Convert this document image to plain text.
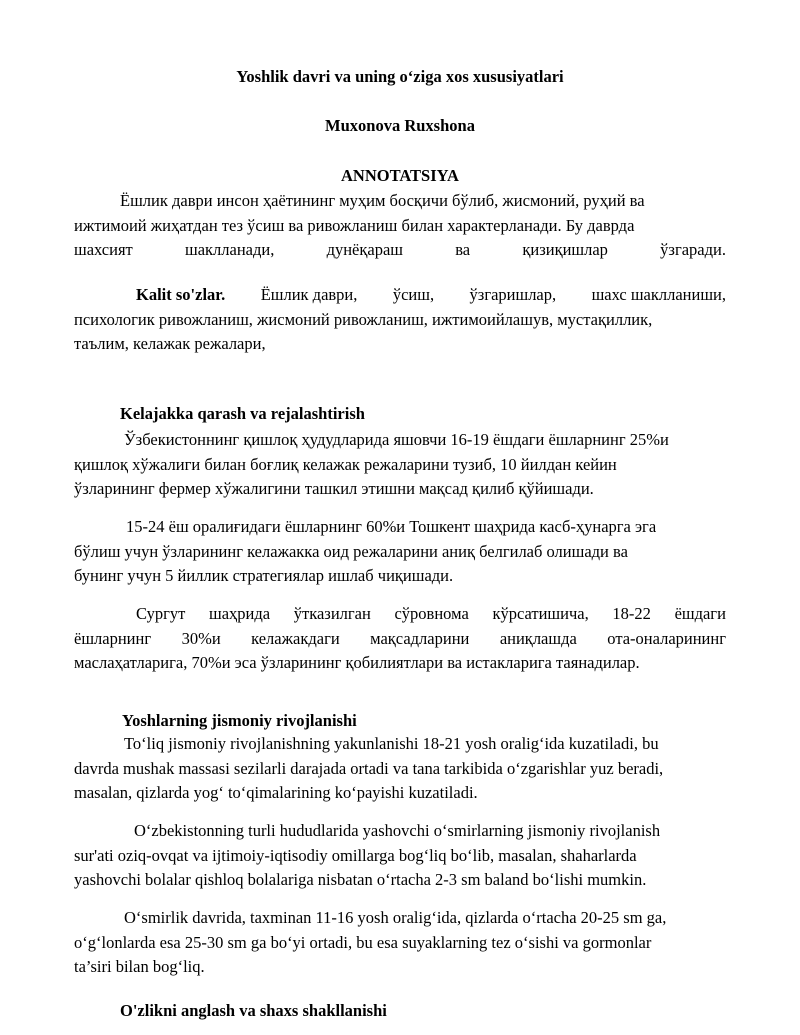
Yoshlik davri va uning o‘ziga xos xususiyatlari
Muxonova Ruxshona
ANNOTATSIYA
Ёшлик даври инсон ҳаётининг муҳим босқичи бўлиб, жисмоний, руҳий ва
ижтимоий жиҳатдан тез ўсиш ва ривожланиш билан характерланади. Бу даврда
шахсият	шаклланади,	дунёқараш	ва	қизиқишлар	ўзгаради.
Kalit so'zlar. Ёшлик даври, ўсиш, ўзгаришлар, шахс шаклланиши,
психологик ривожланиш, жисмоний ривожланиш, ижтимоийлашув, мустақиллик,
таълим, келажак режалари,
Kelajakka qarash va rejalashtirish
Ўзбекистоннинг қишлоқ ҳудудларида яшовчи 16-19 ёшдаги ёшларнинг 25%и
қишлоқ хўжалиги билан боғлиқ келажак режаларини тузиб, 10 йилдан кейин
ўзларининг фермер хўжалигини ташкил этишни мақсад қилиб қўйишади.
15-24 ёш оралиғидаги ёшларнинг 60%и Тошкент шаҳрида касб-ҳунарга эга
бўлиш учун ўзларининг келажакка оид режаларини аниқ белгилаб олишади ва
бунинг учун 5 йиллик стратегиялар ишлаб чиқишади.
Сургут шаҳрида ўтказилган сўровнома кўрсатишича, 18-22 ёшдаги
ёшларнинг 30%и келажакдаги мақсадларини аниқлашда ота-оналарининг
маслаҳатларига, 70%и эса ўзларининг қобилиятлари ва истакларига таянадилар.
Yoshlarning jismoniy rivojlanishi
To‘liq jismoniy rivojlanishning yakunlanishi 18-21 yosh oralig‘ida kuzatiladi, bu
davrda mushak massasi sezilarli darajada ortadi va tana tarkibida o‘zgarishlar yuz beradi,
masalan, qizlarda yog‘ to‘qimalarining ko‘payishi kuzatiladi.
O‘zbekistonning turli hududlarida yashovchi o‘smirlarning jismoniy rivojlanish
sur'ati oziq-ovqat va ijtimoiy-iqtisodiy omillarga bog‘liq bo‘lib, masalan, shaharlarda
yashovchi bolalar qishloq bolalariga nisbatan o‘rtacha 2-3 sm baland bo‘lishi mumkin.
O‘smirlik davrida, taxminan 11-16 yosh oralig‘ida, qizlarda o‘rtacha 20-25 sm ga,
o‘g‘lonlarda esa 25-30 sm ga bo‘yi ortadi, bu esa suyaklarning tez o‘sishi va gormonlar
ta’siri bilan bog‘liq.
O'zlikni anglash va shaxs shakllanishi
